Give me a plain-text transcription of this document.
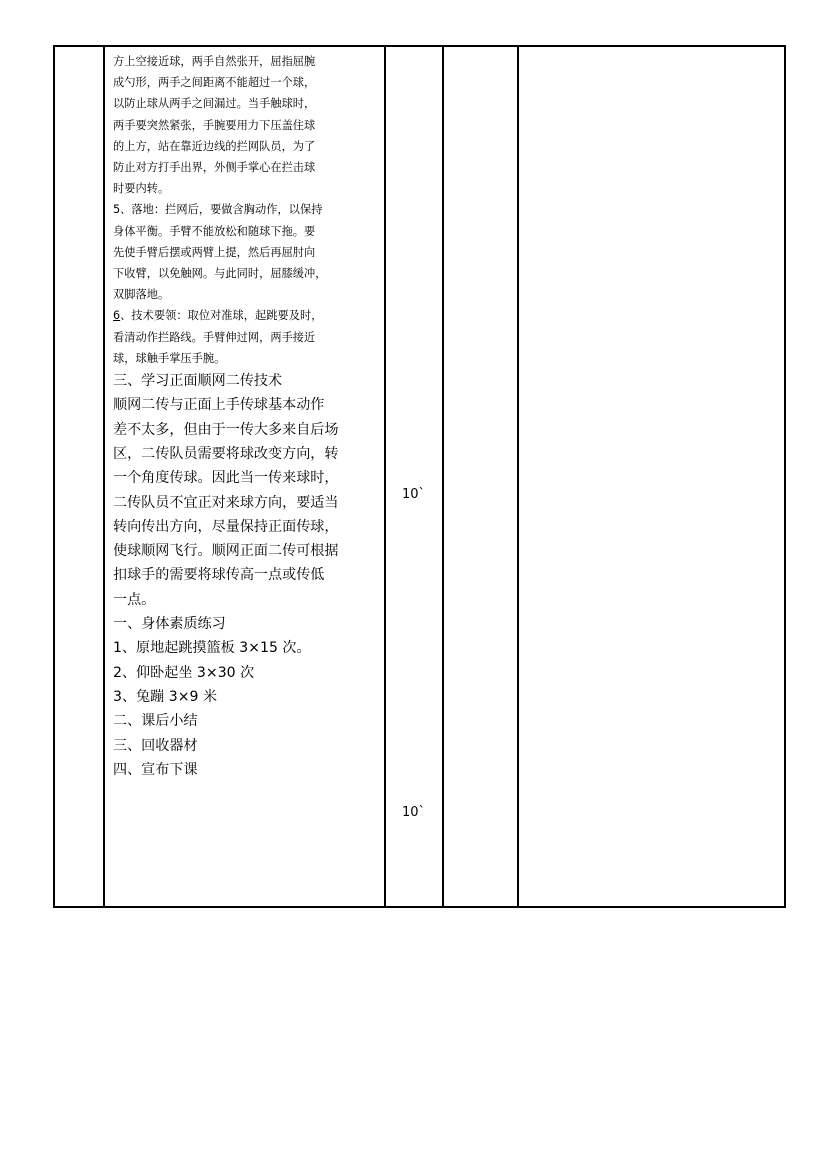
方上空接近球，两手自然张开，屈指屈腕
成勺形，两手之间距离不能超过一个球，
以防止球从两手之间漏过。当手触球时，
两手要突然紧张，手腕要用力下压盖住球
的上方，站在靠近边线的拦网队员，为了
防止对方打手出界，外侧手掌心在拦击球
时要内转。
5、落地：拦网后，要做含胸动作，以保持
身体平衡。手臂不能放松和随球下拖。要
先使手臂后摆或两臂上提，然后再屈肘向
下收臂，以免触网。与此同时，屈膝缓冲，
双脚落地。
6、技术要领：取位对准球，起跳要及时，
看清动作拦路线。手臂伸过网，两手接近
球，球触手掌压手腕。
三、学习正面顺网二传技术
顺网二传与正面上手传球基本动作
差不太多，但由于一传大多来自后场
区，二传队员需要将球改变方向，转
一个角度传球。因此当一传来球时，
二传队员不宜正对来球方向，要适当
转向传出方向，尽量保持正面传球，
使球顺网飞行。顺网正面二传可根据
扣球手的需要将球传高一点或传低
一点。
一、身体素质练习
1、原地起跳摸篮板 3×15 次。
2、仰卧起坐 3×30 次
3、兔蹦 3×9 米
二、课后小结
三、回收器材
四、宣布下课
10`
10`
